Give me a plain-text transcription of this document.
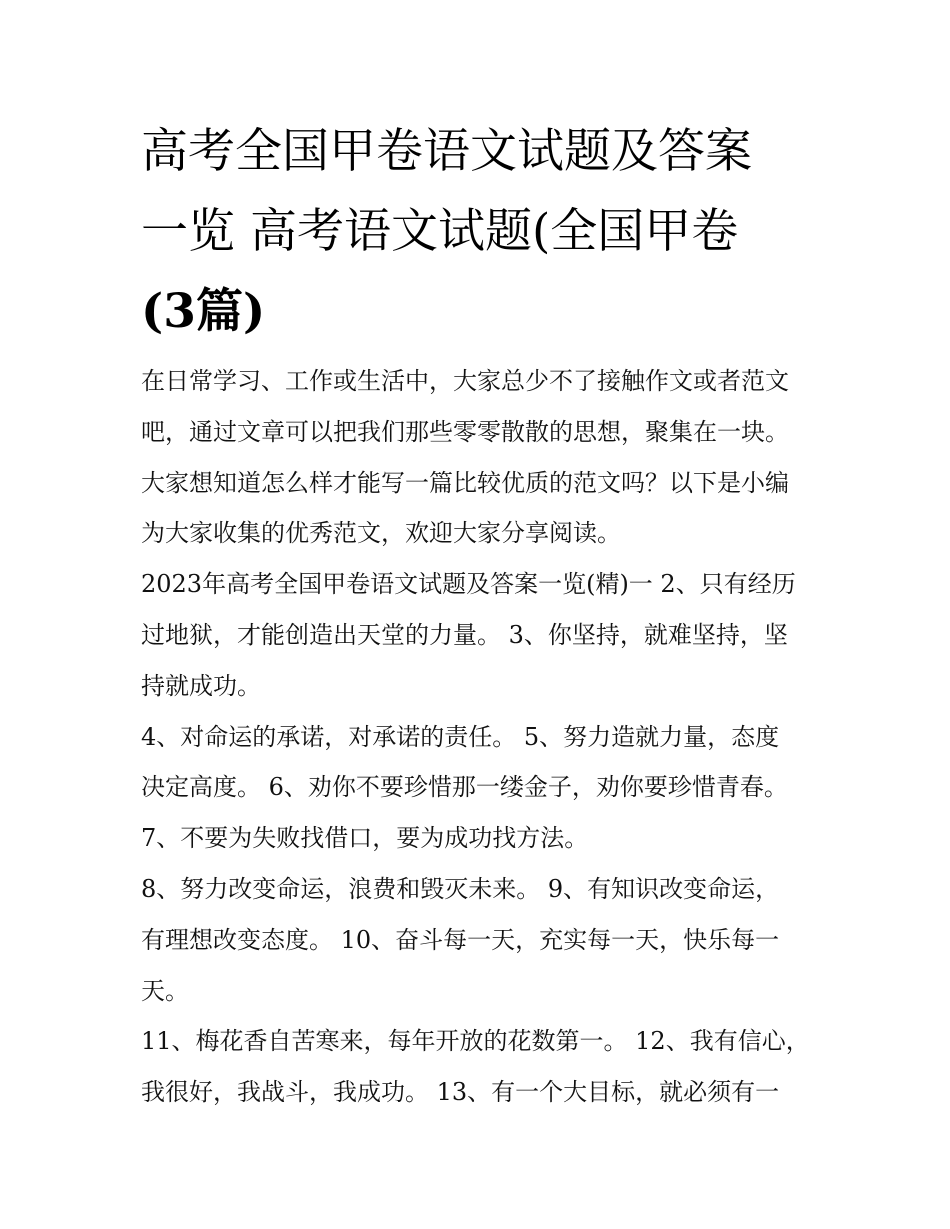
高考全国甲卷语文试题及答案
一览 高考语文试题(全国甲卷
(3篇)

在日常学习、工作或生活中，大家总少不了接触作文或者范文
吧，通过文章可以把我们那些零零散散的思想，聚集在一块。
大家想知道怎么样才能写一篇比较优质的范文吗？以下是小编
为大家收集的优秀范文，欢迎大家分享阅读。

2023年高考全国甲卷语文试题及答案一览(精)一 2、只有经历
过地狱，才能创造出天堂的力量。 3、你坚持，就难坚持，坚
持就成功。

4、对命运的承诺，对承诺的责任。 5、努力造就力量，态度
决定高度。 6、劝你不要珍惜那一缕金子，劝你要珍惜青春。

7、不要为失败找借口，要为成功找方法。

8、努力改变命运，浪费和毁灭未来。 9、有知识改变命运，
有理想改变态度。 10、奋斗每一天，充实每一天，快乐每一
天。

11、梅花香自苦寒来，每年开放的花数第一。 12、我有信心，
我很好，我战斗，我成功。 13、有一个大目标，就必须有一
